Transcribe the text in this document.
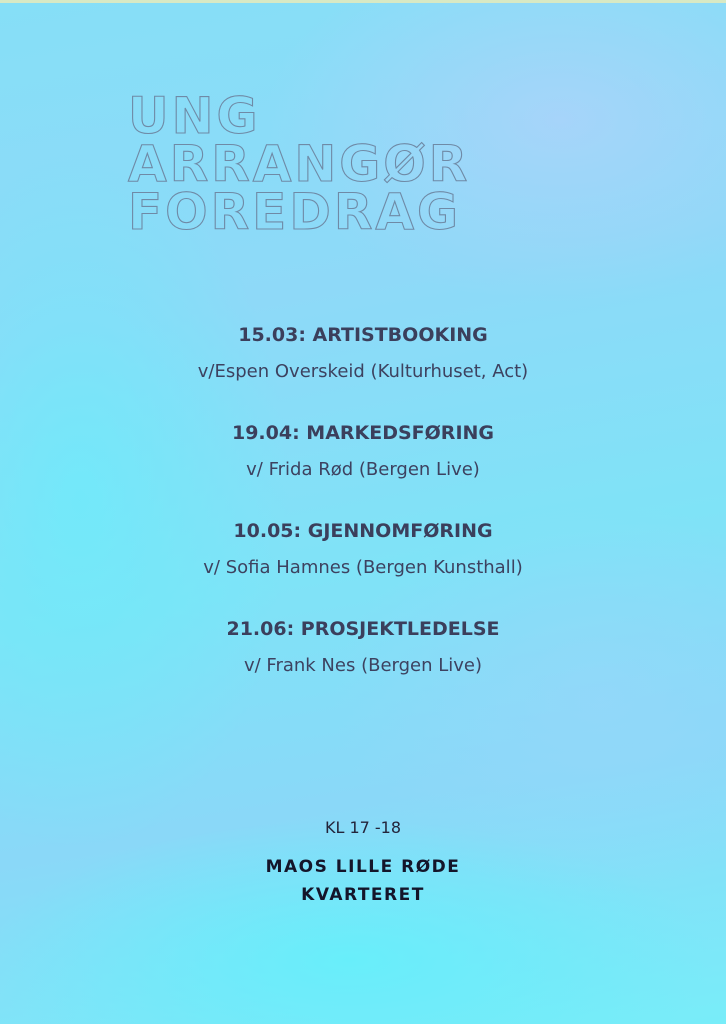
UNG
ARRANGØR
FOREDRAG
15.03: ARTISTBOOKING
v/Espen Overskeid (Kulturhuset, Act)
19.04: MARKEDSFØRING
v/ Frida Rød (Bergen Live)
10.05: GJENNOMFØRING
v/ Sofia Hamnes (Bergen Kunsthall)
21.06: PROSJEKTLEDELSE
v/ Frank Nes (Bergen Live)
KL 17 -18
MAOS LILLE RØDE
KVARTERET
